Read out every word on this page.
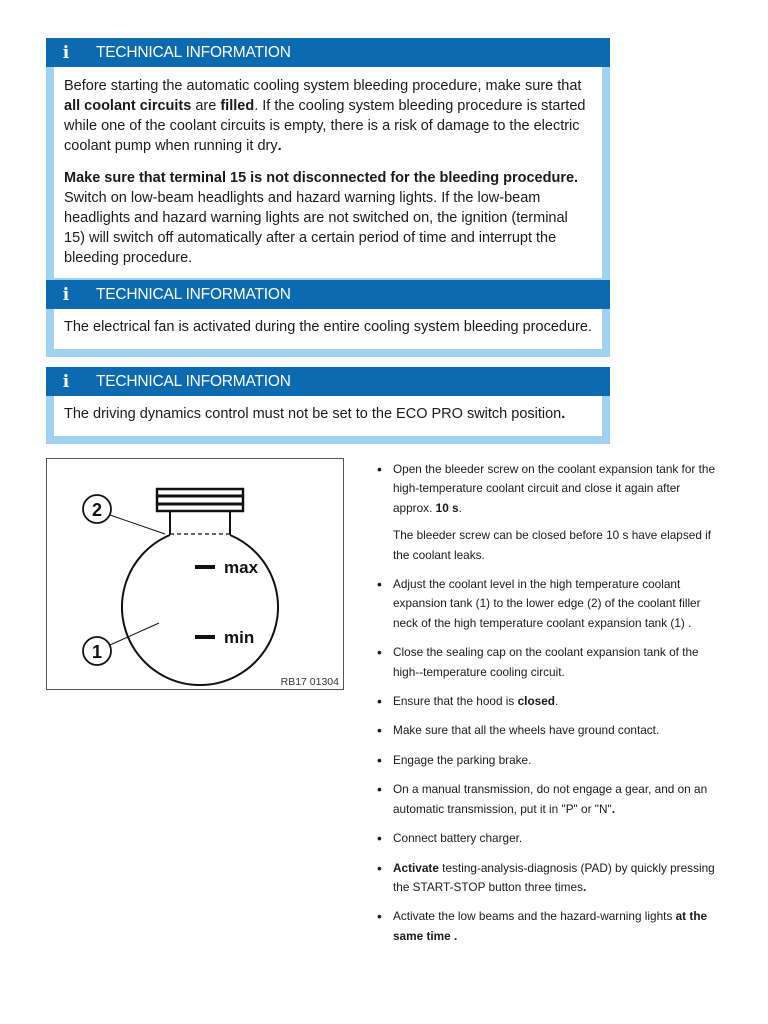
i	TECHNICAL INFORMATION

Before starting the automatic cooling system bleeding procedure, make sure that all coolant circuits are filled. If the cooling system bleeding procedure is started while one of the coolant circuits is empty, there is a risk of damage to the electric coolant pump when running it dry.

Make sure that terminal 15 is not disconnected for the bleeding procedure. Switch on low-beam headlights and hazard warning lights. If the low-beam headlights and hazard warning lights are not switched on, the ignition (terminal 15) will switch off automatically after a certain period of time and interrupt the bleeding procedure.

i	TECHNICAL INFORMATION

The electrical fan is activated during the entire cooling system bleeding procedure.

i	TECHNICAL INFORMATION

The driving dynamics control must not be set to the ECO PRO switch position.

max
min
2
1
RB17 01304
• Open the bleeder screw on the coolant expansion tank for the high-temperature coolant circuit and close it again after approx. 10 s.

The bleeder screw can be closed before 10 s have elapsed if the coolant leaks.

• Adjust the coolant level in the high temperature coolant expansion tank (1) to the lower edge (2) of the coolant filler neck of the high temperature coolant expansion tank (1) .
• Close the sealing cap on the coolant expansion tank of the high--temperature cooling circuit.
• Ensure that the hood is closed.
• Make sure that all the wheels have ground contact.
• Engage the parking brake.
• On a manual transmission, do not engage a gear, and on an automatic transmission, put it in "P" or "N".
• Connect battery charger.
• Activate testing-analysis-diagnosis (PAD) by quickly pressing the START-STOP button three times.
• Activate the low beams and the hazard-warning lights at the same time .
